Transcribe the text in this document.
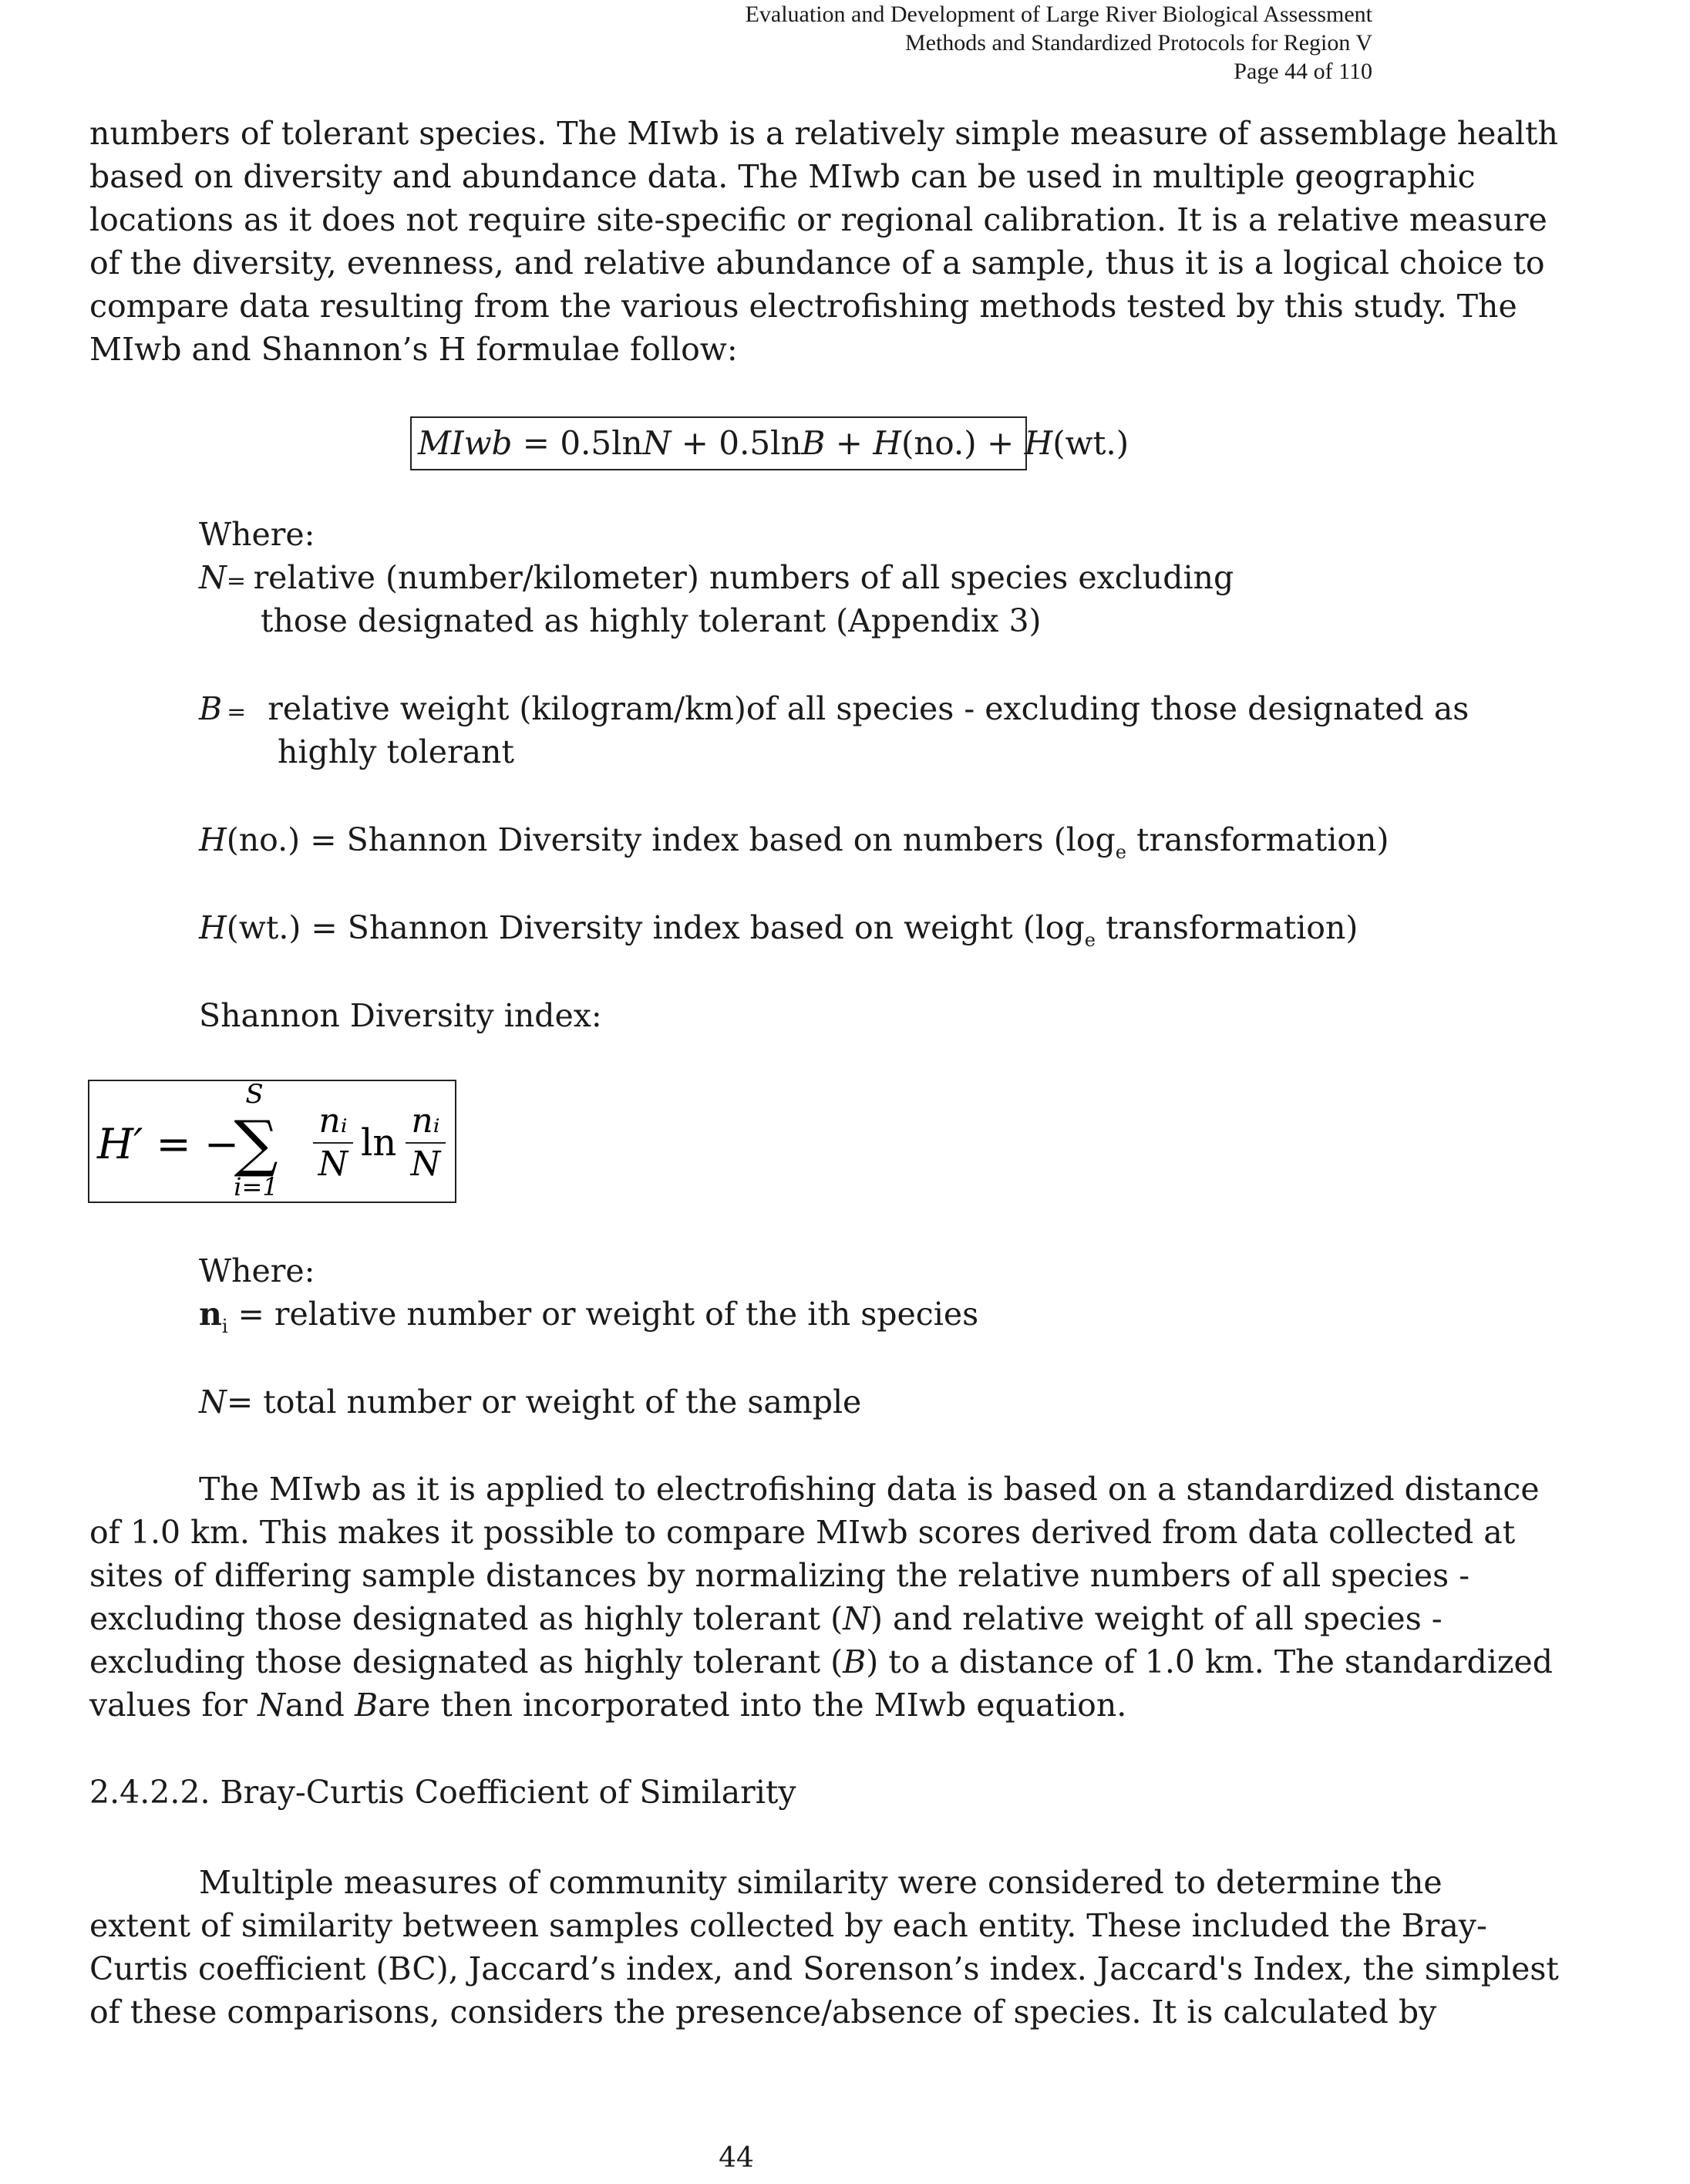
Evaluation and Development of Large River Biological Assessment
Methods and Standardized Protocols for Region V
Page 44 of 110
numbers of tolerant species. The MIwb is a relatively simple measure of assemblage health
based on diversity and abundance data. The MIwb can be used in multiple geographic
locations as it does not require site-specific or regional calibration. It is a relative measure
of the diversity, evenness, and relative abundance of a sample, thus it is a logical choice to
compare data resulting from the various electrofishing methods tested by this study. The
MIwb and Shannon’s H formulae follow:
MIwb = 0.5lnN + 0.5lnB + H(no.) + H(wt.)
Where:
N= relative (number/kilometer) numbers of all species excluding
those designated as highly tolerant (Appendix 3)
B = relative weight (kilogram/km)of all species - excluding those designated as
highly tolerant
H(no.) = Shannon Diversity index based on numbers ($\log_e$ transformation)
H(wt.) = Shannon Diversity index based on weight ($\log_e$ transformation)
Shannon Diversity index:
H′ = −
∑
S
i=1
nᵢ
N ln
nᵢ
N
Where:
$n_i$ = relative number or weight of the ith species
N= total number or weight of the sample
The MIwb as it is applied to electrofishing data is based on a standardized distance
of 1.0 km. This makes it possible to compare MIwb scores derived from data collected at
sites of differing sample distances by normalizing the relative numbers of all species -
excluding those designated as highly tolerant (N) and relative weight of all species -
excluding those designated as highly tolerant (B) to a distance of 1.0 km. The standardized
values for Nand Bare then incorporated into the MIwb equation.
2.4.2.2. Bray-Curtis Coefficient of Similarity
Multiple measures of community similarity were considered to determine the
extent of similarity between samples collected by each entity. These included the Bray-
Curtis coefficient (BC), Jaccard’s index, and Sorenson’s index. Jaccard's Index, the simplest
of these comparisons, considers the presence/absence of species. It is calculated by
44
